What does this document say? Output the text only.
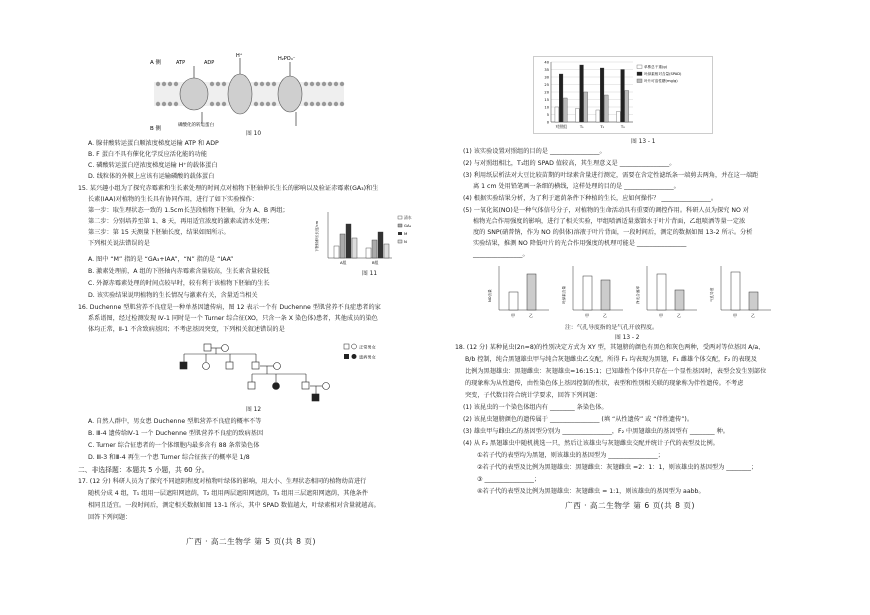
A 侧
B 侧
ATP	ADP
H⁺	H₂PO₄⁻
磷酸化的转运蛋白
图 10
A. 腺苷酸转运蛋白顺浓度梯度运输 ATP 和 ADP
B. F 蛋白不具有催化化学反应活化能的功能
C. 磷酸转运蛋白逆浓度梯度运输 H⁺的载体蛋白
D. 线粒体的外膜上应该有运输磷酸的载体蛋白
15. 某兴趣小组为了探究赤霉素和生长素处理的时间点对植物下胚轴伸长生长的影响以及验证赤霉素(GA₃)和生
长素(IAA)对植物的生长具有协同作用，进行了如下实验操作：
第一步：取生理状态一致的 1.5cm长茎段植物下胚轴，分为 A、B 两组；
第二步：分别培养至第 1、8 天，再用适宜浓度的激素或清水处理；
第三步：第 15 天测量下胚轴长度，结果如图所示。
下列相关说法错误的是	下胚轴伸长长度/cm
A组	B组
清水
GA₃
M
N
图 11
A. 图中 “M” 指的是 “GA₃+IAA”，“N” 指的是 “IAA”
B. 激素处理前，A 组的下胚轴内赤霉素含量较高，生长素含量较低
C. 外源赤霉素处理的时间点较早时，较有利于该植物下胚轴的生长
D. 该实验结果说明植物的生长情况与激素有关，含量适当相关
16. Duchenne 型肌营养不良症是一种单基因遗传病，图 12 表示一个有 Duchenne 型肌营养不良症患者的家
系系谱图，经过检测发现 Ⅳ-1 同时是一个 Turner 综合征(XO，只含一条 X 染色体)患者，其他成员的染色
体均正常，Ⅱ-1 不含致病基因；不考虑基因突变，下列相关叙述错误的是
正常男女
患病男女
图 12
A. 自然人群中，男女患 Duchenne 型肌营养不良症的概率不等
B. Ⅲ-4 遗传给Ⅳ-1 一个 Duchenne 型肌营养不良症的致病基因
C. Turner 综合征患者的一个体细胞内最多含有 88 条常染色体
D. Ⅲ-3 和Ⅲ-4 再生一个患 Turner 综合征孩子的概率是 1/8
二、非选择题：本题共 5 小题，共 60 分。
17. (12 分) 科研人员为了探究不同遮阴程度对植物叶绿体的影响，用大小、生理状态相同的植物幼苗进行
随机分成 4 组，T₁ 组用一层遮阳网遮荫，T₂ 组用两层遮阳网遮荫，T₃ 组用三层遮阳网遮荫，其他条件
相同且适宜。一段时间后，测定相关数据如图 13-1 所示，其中 SPAD 数值越大，叶绿素相对含量就越高。
回答下列问题：
广西 · 高二生物学 第 5 页(共 8 页)
0
5
10
15
20
25
30
35
40
对照组	T₁	T₂	T₃
单株总干重(g)
叶绿素相对含量(SPAD)
叶片可溶性糖(mg/g)
图 13 - 1
(1) 该实验设置对照组的目的是 ________________。
(2) 与对照组相比，T₁组的 SPAD 值较高，其生理意义是 ________________。
(3) 利用纸层析法对大豆比较苗期的叶绿素含量进行测定，需要在含定性滤纸条一端剪去两角，并在这一端距
离 1 cm 处用铅笔画一条细的横线，这样处理的目的是 ________________。
(4) 根据实验结果分析，为了利于遮荫条件下种植的生长，应如何操作？ ________________。
(5) 一氧化氮(NO)是一种气体信号分子，对植物的生命活动具有重要的调控作用。科研人员为探究 NO 对
植物光合作用强度的影响，进行了相关实验，甲组喷洒适量蒸馏水于叶片背面，乙组喷洒等量一定浓
度的 SNP(硝普钠，作为 NO 的供体)溶液于叶片背面，一段时间后，测定的数据如图 13-2 所示。分析
实验结果，推测 NO 降低叶片的光合作用强度的机理可能是 ________________
________________。
NO含量
甲	乙
叶绿素含量
甲	乙
净光合速率
甲	乙
气孔导度
甲	乙
注：气孔导度指的是气孔开放程度。
图 13 - 2
18. (12 分) 某种昆虫(2n=8)的性别决定方式为 XY 型，其翅膀的颜色有黑色和灰色两种，受两对等位基因 A/a、
B/b 控制，纯合黑翅雄虫甲与纯合灰翅雌虫乙交配，所得 F₁ 均表现为黑翅，F₁ 雌雄个体交配，F₂ 的表现及
比例为黑翅雄虫：黑翅雌虫：灰翅雄虫=16:15:1；已知雄性个体中只存在一个显性基因时，表型会发生别部位
的现象称为从性遗传，由性染色体上基因控制的性状，表型和性别相关联的现象称为伴性遗传。不考虑
突变，子代数目符合统计学要求，回答下列问题：
(1) 该昆虫的一个染色体组内有 ________ 条染色体。
(2) 该昆虫翅膀颜色的遗传属于 ________________ (填 “从性遗传” 或 “伴性遗传”)。
(3) 雄虫甲与雌虫乙的基因型分别为 ________________，F₂ 中黑翅雄虫的基因型有 ________ 种。
(4) 从 F₂ 黑翅雄虫中随机挑选一只，然后让该雄虫与灰翅雌虫交配并统计子代的表型及比例。
①若子代的表型均为黑翅，则该雄虫的基因型为 ________________；
②若子代的表型及比例为黑翅雄虫：黑翅雌虫：灰翅雌虫 =2：1：1，则该雄虫的基因型为 ________；
③ ________________；
④若子代的表型及比例为黑翅雄虫：灰翅雌虫 = 1:1，则该雄虫的基因型为 aabb。
广西 · 高二生物学 第 6 页(共 8 页)
